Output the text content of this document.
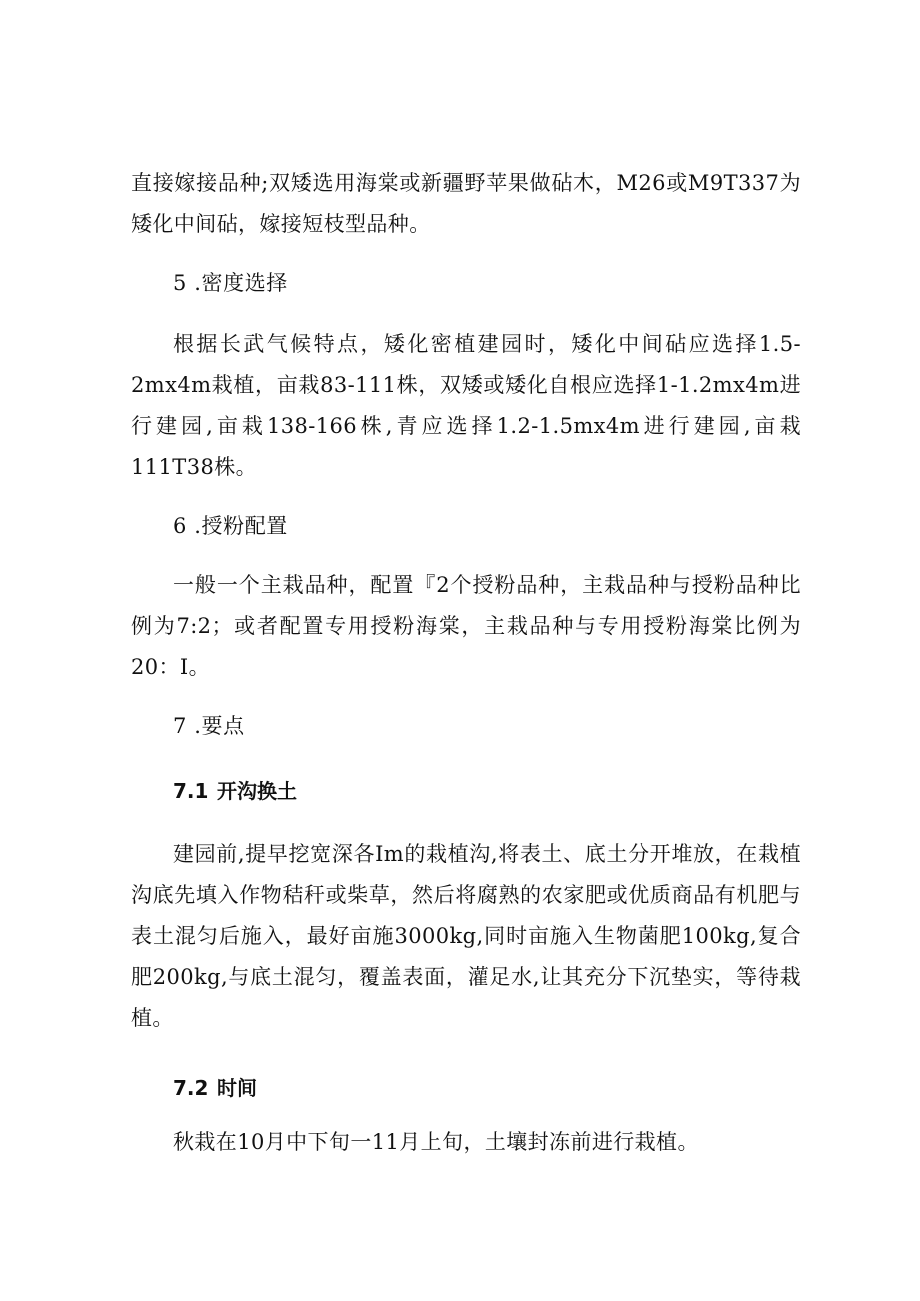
直接嫁接品种;双矮选用海棠或新疆野苹果做砧木，M26或M9T337为矮化中间砧，嫁接短枝型品种。

5 .密度选择

根据长武气候特点，矮化密植建园时，矮化中间砧应选择1.5-2mx4m栽植，亩栽83-111株，双矮或矮化自根应选择1-1.2mx4m进行建园,亩栽138-166株,青应选择1.2-1.5mx4m进行建园,亩栽111T38株。

6 .授粉配置

一般一个主栽品种，配置『2个授粉品种，主栽品种与授粉品种比例为7:2；或者配置专用授粉海棠，主栽品种与专用授粉海棠比例为20：I。

7 .要点
7.1 开沟换土

建园前,提早挖宽深各Im的栽植沟,将表土、底土分开堆放，在栽植沟底先填入作物秸秆或柴草，然后将腐熟的农家肥或优质商品有机肥与表土混匀后施入，最好亩施3000kg,同时亩施入生物菌肥100kg,复合肥200kg,与底土混匀，覆盖表面，灌足水,让其充分下沉垫实，等待栽植。

7.2 时间

秋栽在10月中下旬一11月上旬，土壤封冻前进行栽植。
